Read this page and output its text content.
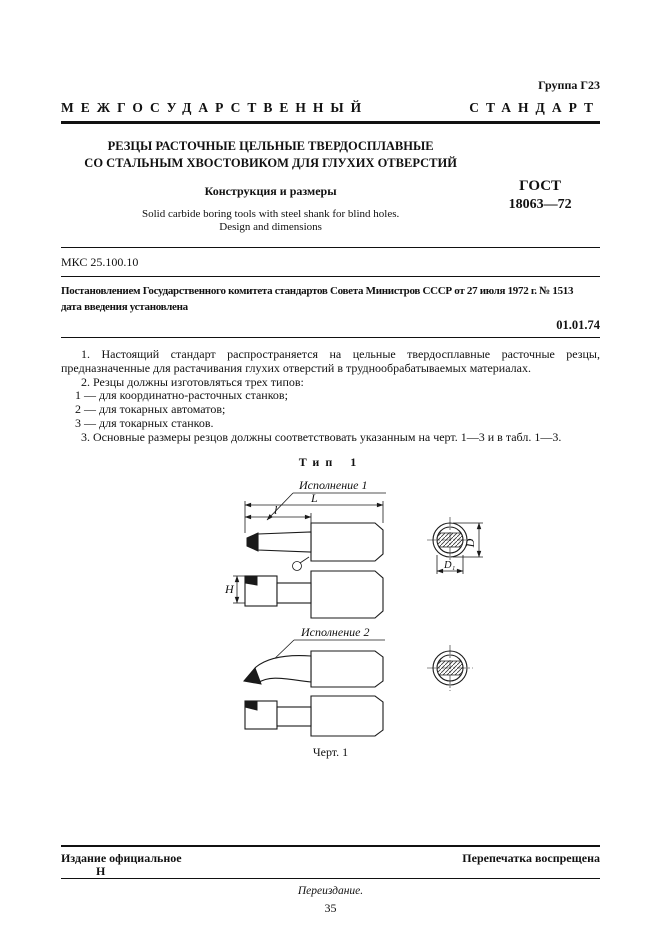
Группа Г23
МЕЖГОСУДАРСТВЕННЫЙ	СТАНДАРТ
РЕЗЦЫ РАСТОЧНЫЕ ЦЕЛЬНЫЕ ТВЕРДОСПЛАВНЫЕ
СО СТАЛЬНЫМ ХВОСТОВИКОМ ДЛЯ ГЛУХИХ ОТВЕРСТИЙ
Конструкция и размеры
Solid carbide boring tools with steel shank for blind holes.
Design and dimensions
ГОСТ
18063—72
МКС 25.100.10
Постановлением Государственного комитета стандартов Совета Министров СССР от 27 июля 1972 г. № 1513
дата введения установлена
01.01.74

1. Настоящий стандарт распространяется на цельные твердосплавные расточные резцы, предназначенные для растачивания глухих отверстий в труднообрабатываемых материалах.

2. Резцы должны изготовляться трех типов:

1 — для координатно-расточных станков;

2 — для токарных автоматов;

3 — для токарных станков.

3. Основные размеры резцов должны соответствовать указанным на черт. 1—3 и в табл. 1—3.

Тип 1
Исполнение 1
L
l
D
D₁
H
Исполнение 2
Черт. 1
Издание официальное	Перепечатка воспрещена
Н
Переиздание.
35
